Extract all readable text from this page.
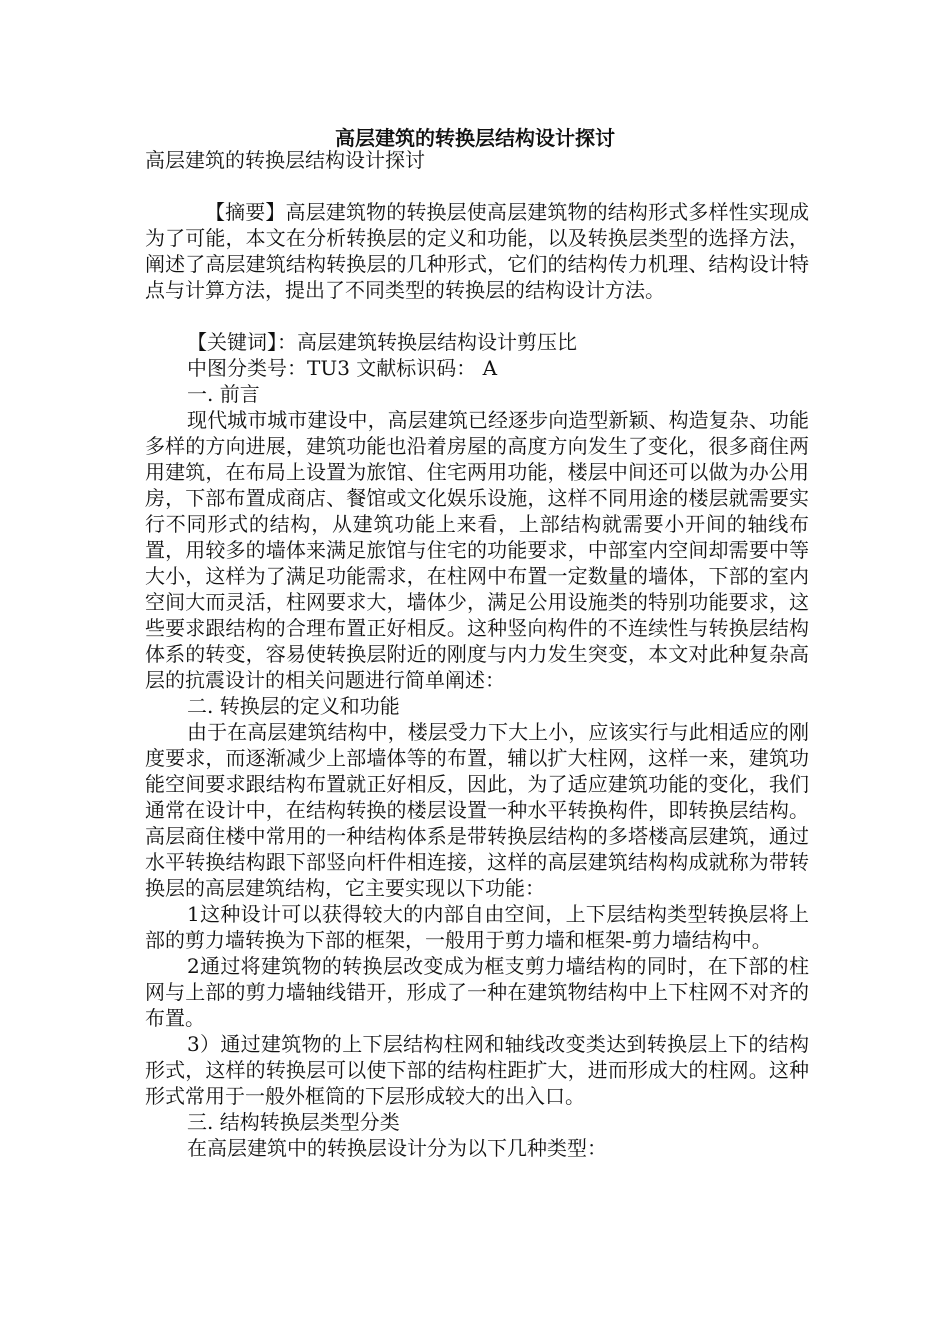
高层建筑的转换层结构设计探讨

高层建筑的转换层结构设计探讨

【摘要】高层建筑物的转换层使高层建筑物的结构形式多样性实现成为了可能，本文在分析转换层的定义和功能，以及转换层类型的选择方法，阐述了高层建筑结构转换层的几种形式，它们的结构传力机理、结构设计特点与计算方法，提出了不同类型的转换层的结构设计方法。

【关键词】：高层建筑转换层结构设计剪压比

中图分类号：TU3 文献标识码： A

一. 前言

现代城市城市建设中，高层建筑已经逐步向造型新颖、构造复杂、功能多样的方向进展，建筑功能也沿着房屋的高度方向发生了变化，很多商住两用建筑，在布局上设置为旅馆、住宅两用功能，楼层中间还可以做为办公用房，下部布置成商店、餐馆或文化娱乐设施，这样不同用途的楼层就需要实行不同形式的结构，从建筑功能上来看，上部结构就需要小开间的轴线布置，用较多的墙体来满足旅馆与住宅的功能要求，中部室内空间却需要中等大小，这样为了满足功能需求，在柱网中布置一定数量的墙体，下部的室内空间大而灵活，柱网要求大，墙体少，满足公用设施类的特别功能要求，这些要求跟结构的合理布置正好相反。这种竖向构件的不连续性与转换层结构体系的转变，容易使转换层附近的刚度与内力发生突变，本文对此种复杂高层的抗震设计的相关问题进行简单阐述：

二. 转换层的定义和功能

由于在高层建筑结构中，楼层受力下大上小，应该实行与此相适应的刚度要求，而逐渐减少上部墙体等的布置，辅以扩大柱网，这样一来，建筑功能空间要求跟结构布置就正好相反，因此，为了适应建筑功能的变化，我们通常在设计中，在结构转换的楼层设置一种水平转换构件，即转换层结构。高层商住楼中常用的一种结构体系是带转换层结构的多塔楼高层建筑，通过水平转换结构跟下部竖向杆件相连接，这样的高层建筑结构构成就称为带转换层的高层建筑结构，它主要实现以下功能：

1这种设计可以获得较大的内部自由空间，上下层结构类型转换层将上部的剪力墙转换为下部的框架，一般用于剪力墙和框架-剪力墙结构中。

2通过将建筑物的转换层改变成为框支剪力墙结构的同时，在下部的柱网与上部的剪力墙轴线错开，形成了一种在建筑物结构中上下柱网不对齐的布置。

3）通过建筑物的上下层结构柱网和轴线改变类达到转换层上下的结构形式，这样的转换层可以使下部的结构柱距扩大，进而形成大的柱网。这种形式常用于一般外框筒的下层形成较大的出入口。

三. 结构转换层类型分类

在高层建筑中的转换层设计分为以下几种类型：
